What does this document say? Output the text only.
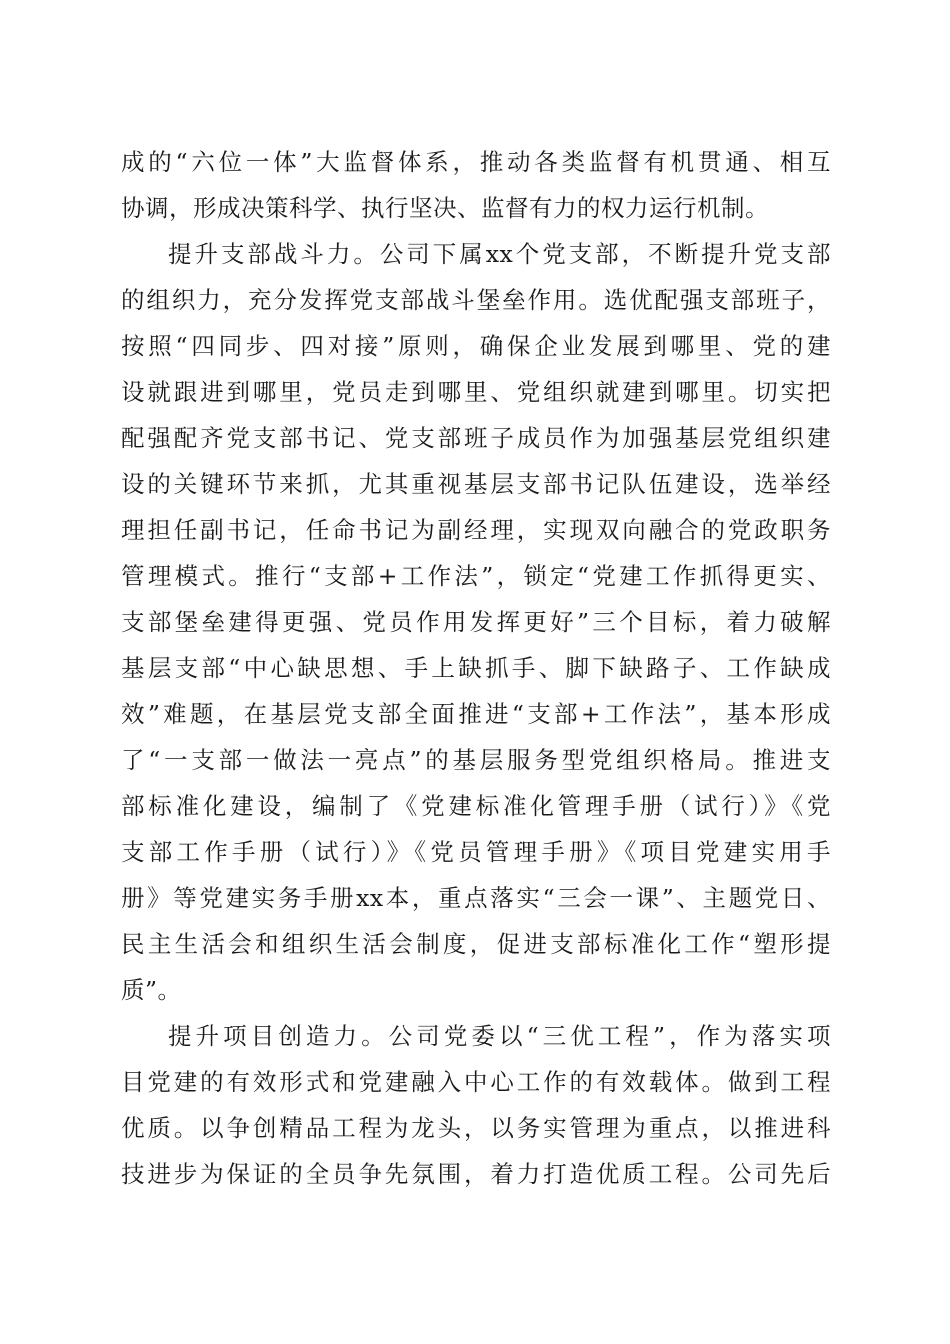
成的“六位一体”大监督体系，推动各类监督有机贯通、相互
协调，形成决策科学、执行坚决、监督有力的权力运行机制。
提升支部战斗力。公司下属xx个党支部，不断提升党支部
的组织力，充分发挥党支部战斗堡垒作用。选优配强支部班子，
按照“四同步、四对接”原则，确保企业发展到哪里、党的建
设就跟进到哪里，党员走到哪里、党组织就建到哪里。切实把
配强配齐党支部书记、党支部班子成员作为加强基层党组织建
设的关键环节来抓，尤其重视基层支部书记队伍建设，选举经
理担任副书记，任命书记为副经理，实现双向融合的党政职务
管理模式。推行“支部+工作法”，锁定“党建工作抓得更实、
支部堡垒建得更强、党员作用发挥更好”三个目标，着力破解
基层支部“中心缺思想、手上缺抓手、脚下缺路子、工作缺成
效”难题，在基层党支部全面推进“支部+工作法”，基本形成
了“一支部一做法一亮点”的基层服务型党组织格局。推进支
部标准化建设，编制了《党建标准化管理手册（试行）》《党
支部工作手册（试行）》《党员管理手册》《项目党建实用手
册》等党建实务手册xx本，重点落实“三会一课”、主题党日、
民主生活会和组织生活会制度，促进支部标准化工作“塑形提
质”。
提升项目创造力。公司党委以“三优工程”，作为落实项
目党建的有效形式和党建融入中心工作的有效载体。做到工程
优质。以争创精品工程为龙头，以务实管理为重点，以推进科
技进步为保证的全员争先氛围，着力打造优质工程。公司先后
